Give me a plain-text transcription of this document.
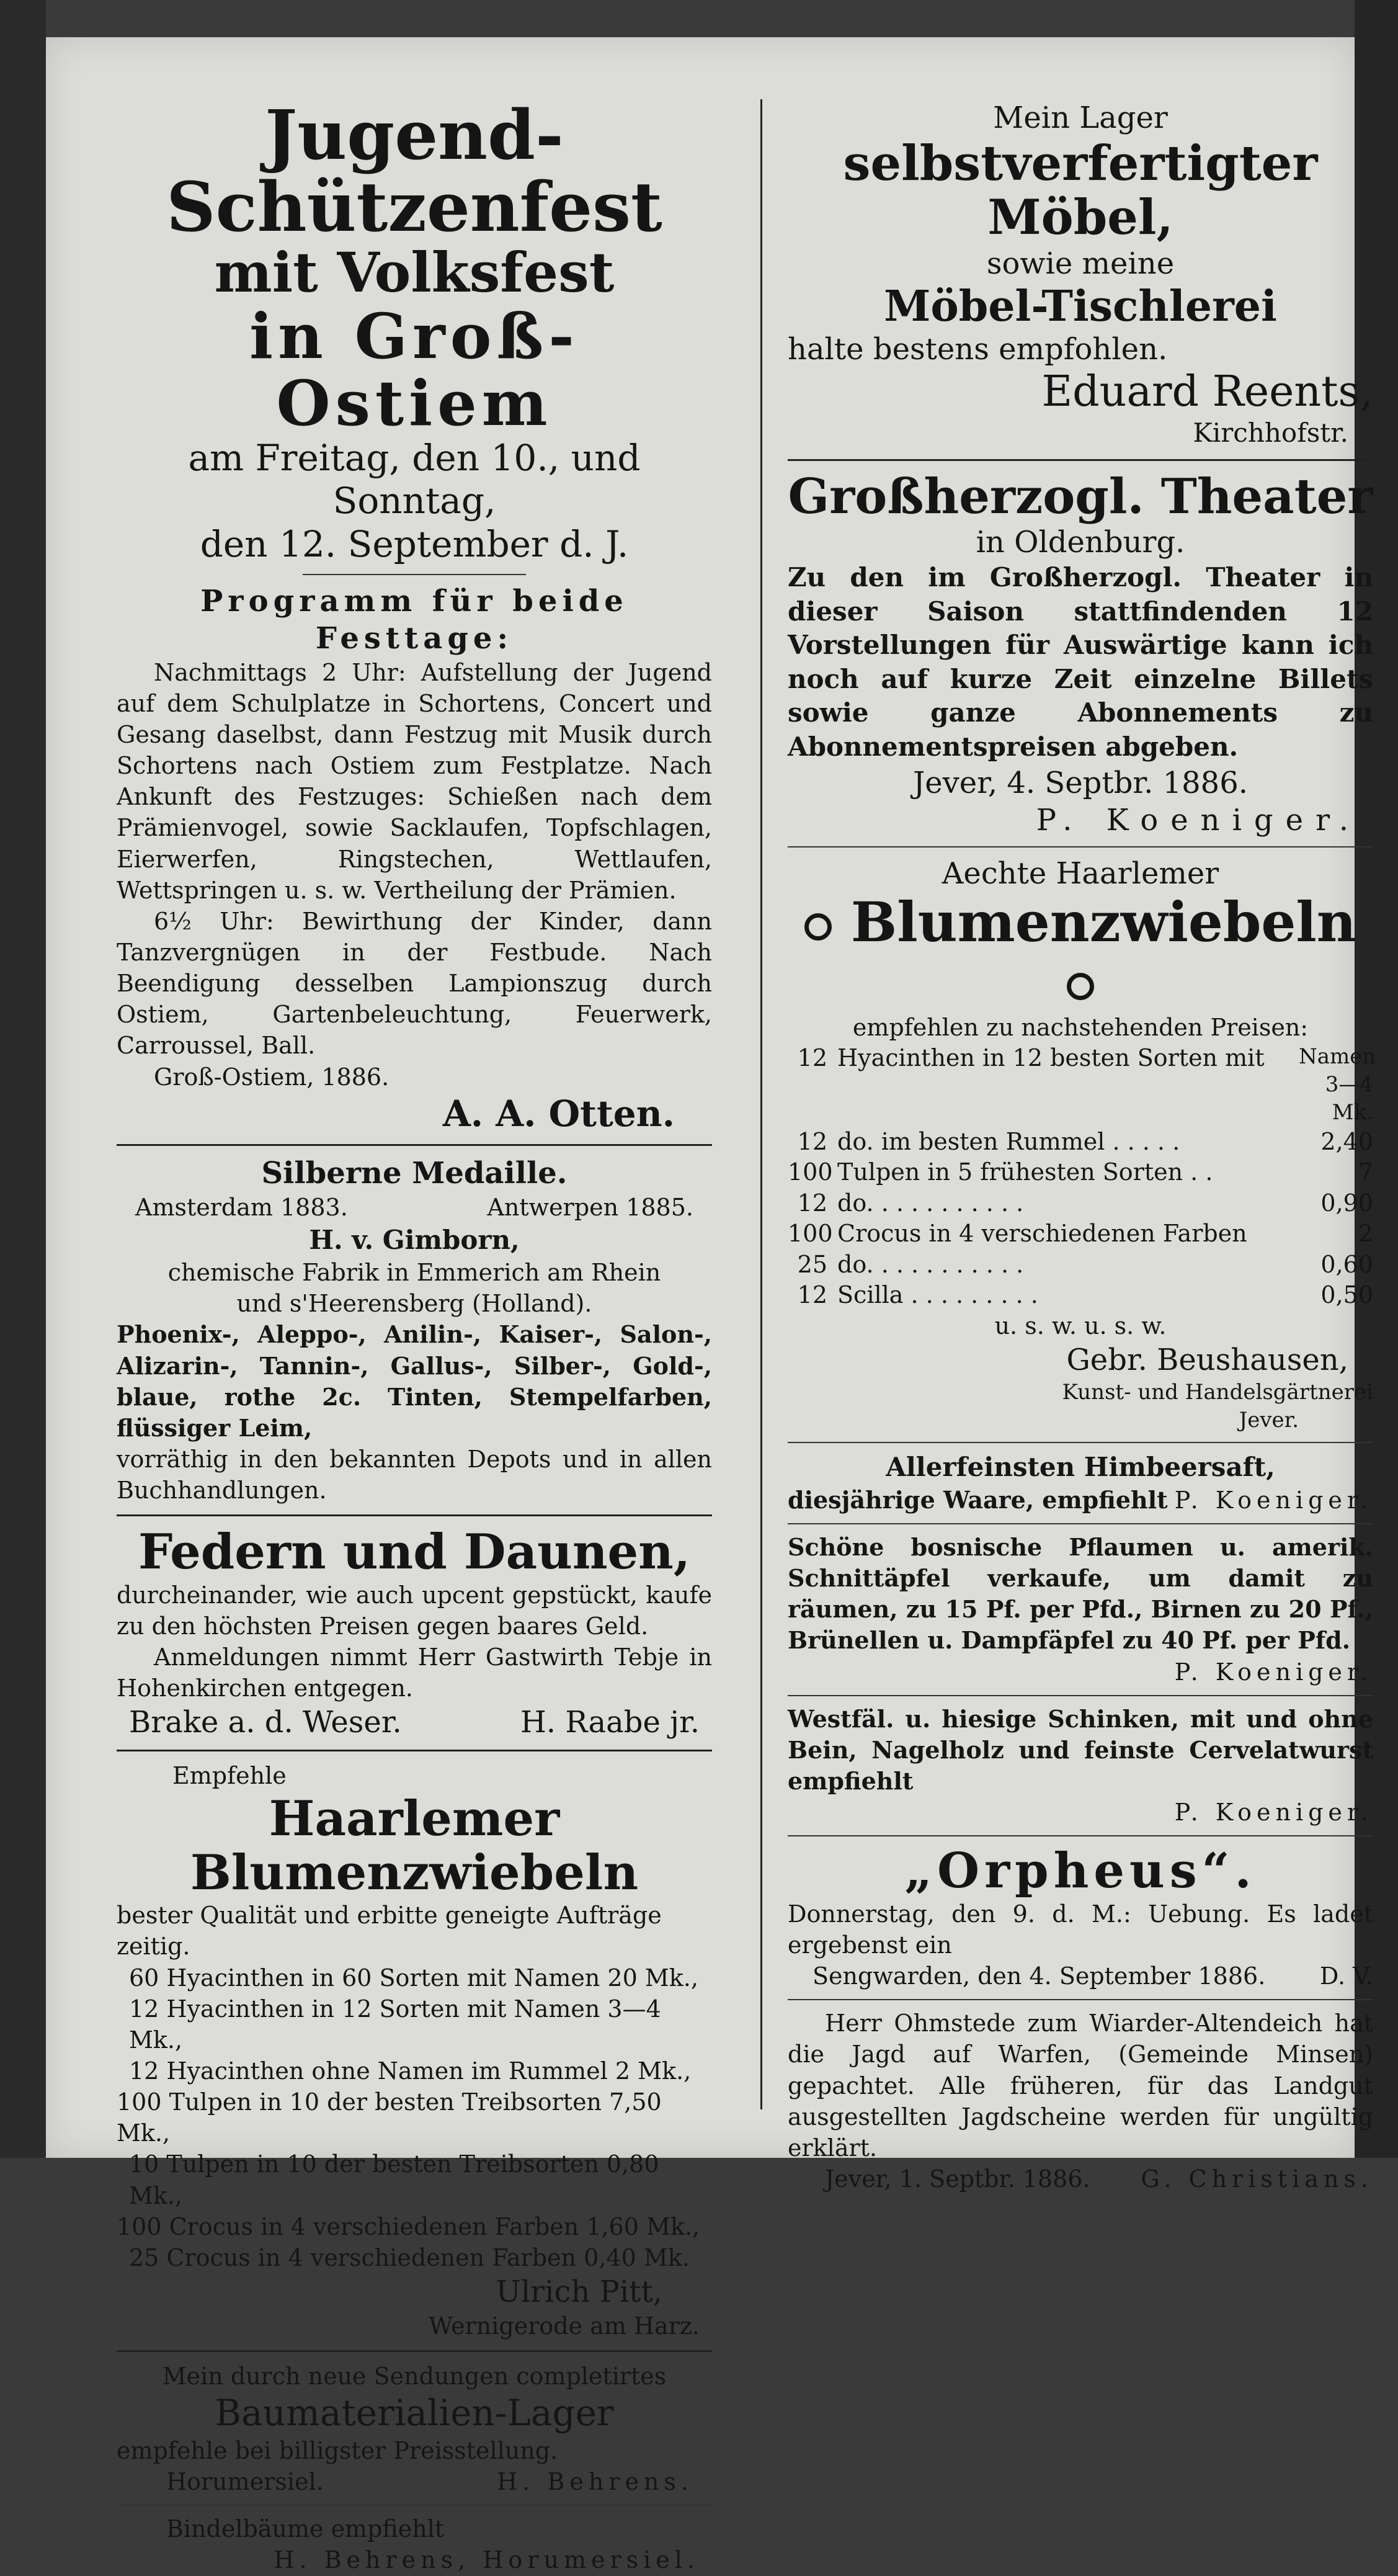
Jugend-Schützenfest
mit Volksfest
in Groß-Ostiem
am Freitag, den 10., und Sonntag,
den 12. September d. J.
Programm für beide Festtage:
Nachmittags 2 Uhr: Aufstellung der Jugend auf dem Schulplatze in Schortens, Concert und Gesang daselbst, dann Festzug mit Musik durch Schortens nach Ostiem zum Festplatze. Nach Ankunft des Festzuges: Schießen nach dem Prämienvogel, sowie Sacklaufen, Topfschlagen, Eierwerfen, Ringstechen, Wettlaufen, Wettspringen u. s. w. Vertheilung der Prämien.
6½ Uhr: Bewirthung der Kinder, dann Tanzvergnügen in der Festbude. Nach Beendigung desselben Lampionszug durch Ostiem, Gartenbeleuchtung, Feuerwerk, Carroussel, Ball.
Groß-Ostiem, 1886.
A. A. Otten.
Silberne Medaille.
Amsterdam 1883.	Antwerpen 1885.
H. v. Gimborn,
chemische Fabrik in Emmerich am Rhein
und s'Heerensberg (Holland).
Phoenix-, Aleppo-, Anilin-, Kaiser-, Salon-, Alizarin-, Tannin-, Gallus-, Silber-, Gold-, blaue, rothe 2c. Tinten, Stempelfarben, flüssiger Leim,
vorräthig in den bekannten Depots und in allen Buchhandlungen.
Federn und Daunen,
durcheinander, wie auch upcent gepstückt, kaufe zu den höchsten Preisen gegen baares Geld.
Anmeldungen nimmt Herr Gastwirth Tebje in Hohenkirchen entgegen.
Brake a. d. Weser.	H. Raabe jr.
Empfehle
Haarlemer Blumenzwiebeln
bester Qualität und erbitte geneigte Aufträge zeitig.
60 Hyacinthen in 60 Sorten mit Namen 20 Mk.,
12 Hyacinthen in 12 Sorten mit Namen 3—4 Mk.,
12 Hyacinthen ohne Namen im Rummel 2 Mk.,
100 Tulpen in 10 der besten Treibsorten 7,50 Mk.,
10 Tulpen in 10 der besten Treibsorten 0,80 Mk.,
100 Crocus in 4 verschiedenen Farben 1,60 Mk.,
25 Crocus in 4 verschiedenen Farben 0,40 Mk.
Ulrich Pitt,
Wernigerode am Harz.
Mein durch neue Sendungen completirtes
Baumaterialien-Lager
empfehle bei billigster Preisstellung.
Horumersiel.	H. Behrens.
Bindelbäume empfiehlt
H. Behrens, Horumersiel.
Mein Lager
selbstverfertigter Möbel,
sowie meine
Möbel-Tischlerei
halte bestens empfohlen.
Eduard Reents,
Kirchhofstr.
Großherzogl. Theater
in Oldenburg.
Zu den im Großherzogl. Theater in dieser Saison stattfindenden 12 Vorstellungen für Auswärtige kann ich noch auf kurze Zeit einzelne Billets sowie ganze Abonnements zu Abonnementspreisen abgeben.
Jever, 4. Septbr. 1886.
P. Koeniger.
Aechte Haarlemer
Blumenzwiebeln
empfehlen zu nachstehenden Preisen:
12 Hyacinthen in 12 besten Sorten mit	Namen 3—4 Mk.
12 do. im besten Rummel . . . . .	2,40
100 Tulpen in 5 frühesten Sorten . .	7
12 do. . . . . . . . . . .	0,90
100 Crocus in 4 verschiedenen Farben	2
25 do. . . . . . . . . . .	0,60
12 Scilla . . . . . . . . .	0,50
u. s. w. u. s. w.
Gebr. Beushausen,
Kunst- und Handelsgärtnerei
Jever.
Allerfeinsten Himbeersaft,
diesjährige Waare, empfiehlt P. Koeniger.
Schöne bosnische Pflaumen u. amerik. Schnittäpfel verkaufe, um damit zu räumen, zu 15 Pf. per Pfd., Birnen zu 20 Pf., Brünellen u. Dampfäpfel zu 40 Pf. per Pfd.
P. Koeniger.
Westfäl. u. hiesige Schinken, mit und ohne Bein, Nagelholz und feinste Cervelatwurst empfiehlt
P. Koeniger.
„Orpheus“.
Donnerstag, den 9. d. M.: Uebung. Es ladet ergebenst ein
Sengwarden, den 4. September 1886. D. V.
Herr Ohmstede zum Wiarder-Altendeich hat die Jagd auf Warfen, (Gemeinde Minsen) gepachtet. Alle früheren, für das Landgut ausgestellten Jagdscheine werden für ungültig erklärt.
Jever, 1. Septbr. 1886. G. Christians.
